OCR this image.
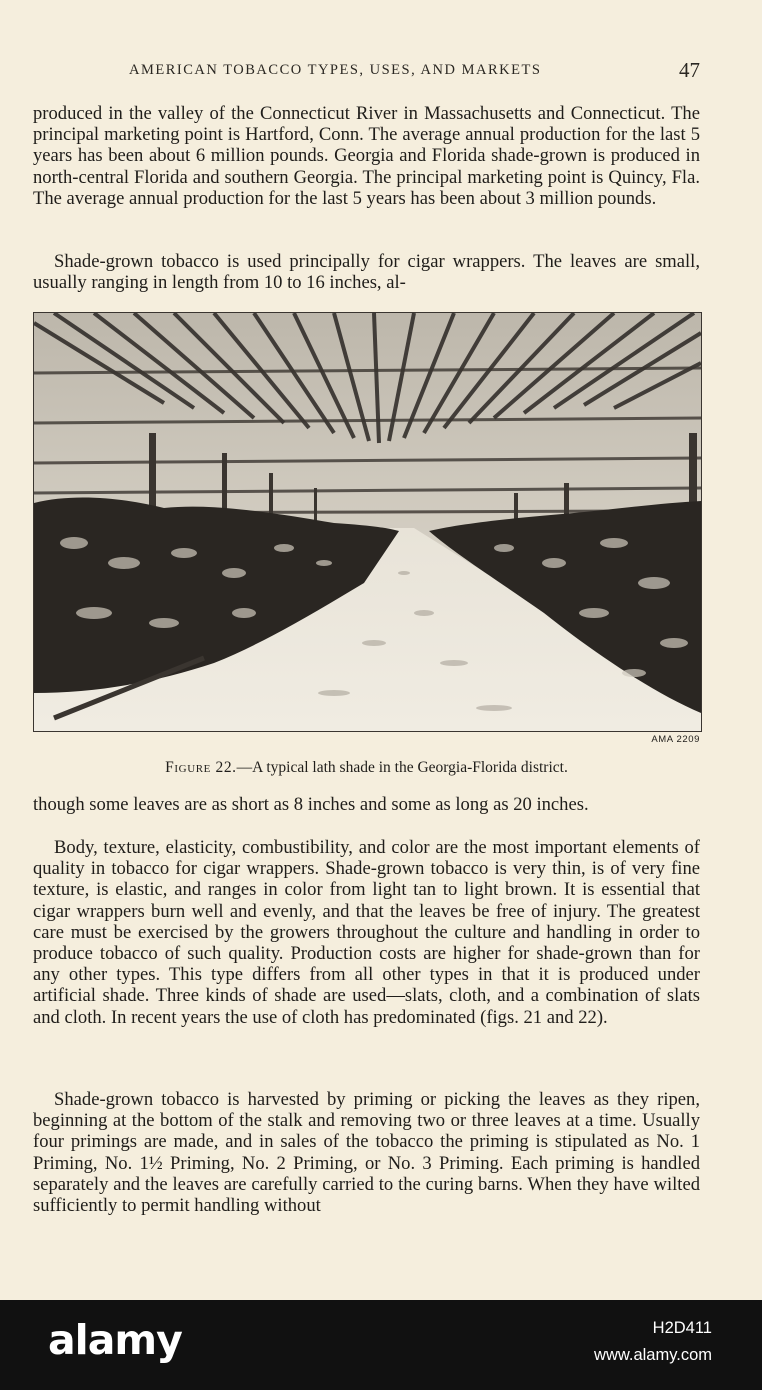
AMERICAN TOBACCO TYPES, USES, AND MARKETS	47

produced in the valley of the Connecticut River in Massachusetts and Connecticut. The principal marketing point is Hartford, Conn. The average annual production for the last 5 years has been about 6 million pounds. Georgia and Florida shade-grown is produced in north-central Florida and southern Georgia. The principal marketing point is Quincy, Fla. The average annual production for the last 5 years has been about 3 million pounds.

Shade-grown tobacco is used principally for cigar wrappers. The leaves are small, usually ranging in length from 10 to 16 inches, al-

AMA 2209
Figure 22.—A typical lath shade in the Georgia-Florida district.

though some leaves are as short as 8 inches and some as long as 20 inches.

Body, texture, elasticity, combustibility, and color are the most important elements of quality in tobacco for cigar wrappers. Shade-grown tobacco is very thin, is of very fine texture, is elastic, and ranges in color from light tan to light brown. It is essential that cigar wrappers burn well and evenly, and that the leaves be free of injury. The greatest care must be exercised by the growers throughout the culture and handling in order to produce tobacco of such quality. Production costs are higher for shade-grown than for any other types. This type differs from all other types in that it is produced under artificial shade. Three kinds of shade are used—slats, cloth, and a combination of slats and cloth. In recent years the use of cloth has predominated (figs. 21 and 22).

Shade-grown tobacco is harvested by priming or picking the leaves as they ripen, beginning at the bottom of the stalk and removing two or three leaves at a time. Usually four primings are made, and in sales of the tobacco the priming is stipulated as No. 1 Priming, No. 1½ Priming, No. 2 Priming, or No. 3 Priming. Each priming is handled separately and the leaves are carefully carried to the curing barns. When they have wilted sufficiently to permit handling without

alamy	H2D411
www.alamy.com
